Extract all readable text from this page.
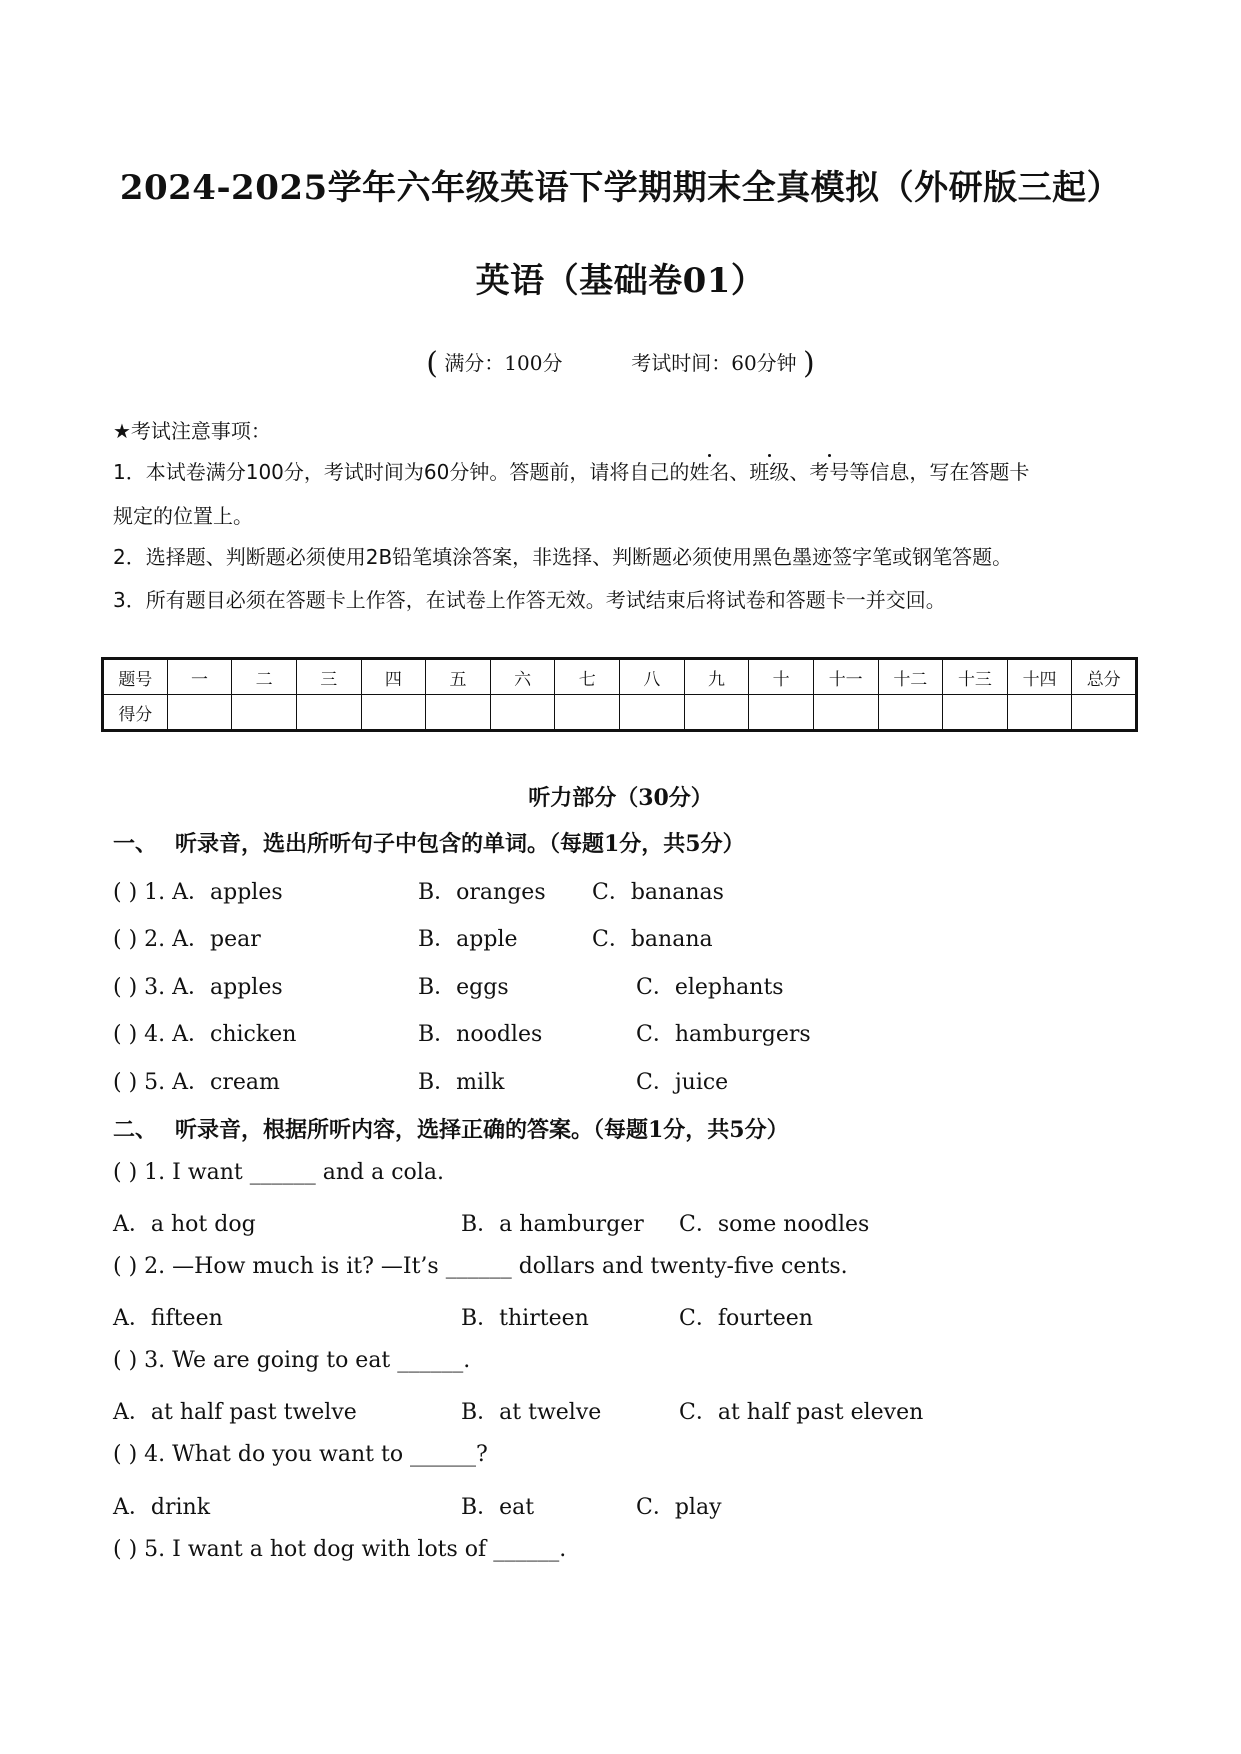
2024-2025学年六年级英语下学期期末全真模拟（外研版三起）
英语（基础卷01）
( 满分：100分	考试时间：60分钟 )
★考试注意事项：
1．本试卷满分100分，考试时间为60分钟。答题前，请将自己的姓名、班级、考号等信息，写在答题卡
规定的位置上。
2．选择题、判断题必须使用2B铅笔填涂答案，非选择、判断题必须使用黑色墨迹签字笔或钢笔答题。
3．所有题目必须在答题卡上作答，在试卷上作答无效。考试结束后将试卷和答题卡一并交回。
题号	一	二	三	四	五	六	七	八	九	十	十一	十二	十三	十四	总分
得分															
听力部分（30分）
一、 听录音，选出所听句子中包含的单词。（每题1分，共5分）
( ) 1. A．apples	B．oranges C．bananas
( ) 2. A．pear	B．apple	C．banana
( ) 3. A．apples	B．eggs	C．elephants
( ) 4. A．chicken	B．noodles	C．hamburgers
( ) 5. A．cream	B．milk	C．juice
二、 听录音，根据所听内容，选择正确的答案。（每题1分，共5分）
( ) 1. I want ______ and a cola.
A．a hot dog	B．a hamburger C．some noodles
( ) 2. —How much is it? —It’s ______ dollars and twenty-five cents.
A．fifteen	B．thirteen	C．fourteen
( ) 3. We are going to eat ______.
A．at half past twelve	B．at twelve	C．at half past eleven
( ) 4. What do you want to ______?
A．drink	B．eat	C．play
( ) 5. I want a hot dog with lots of ______.
